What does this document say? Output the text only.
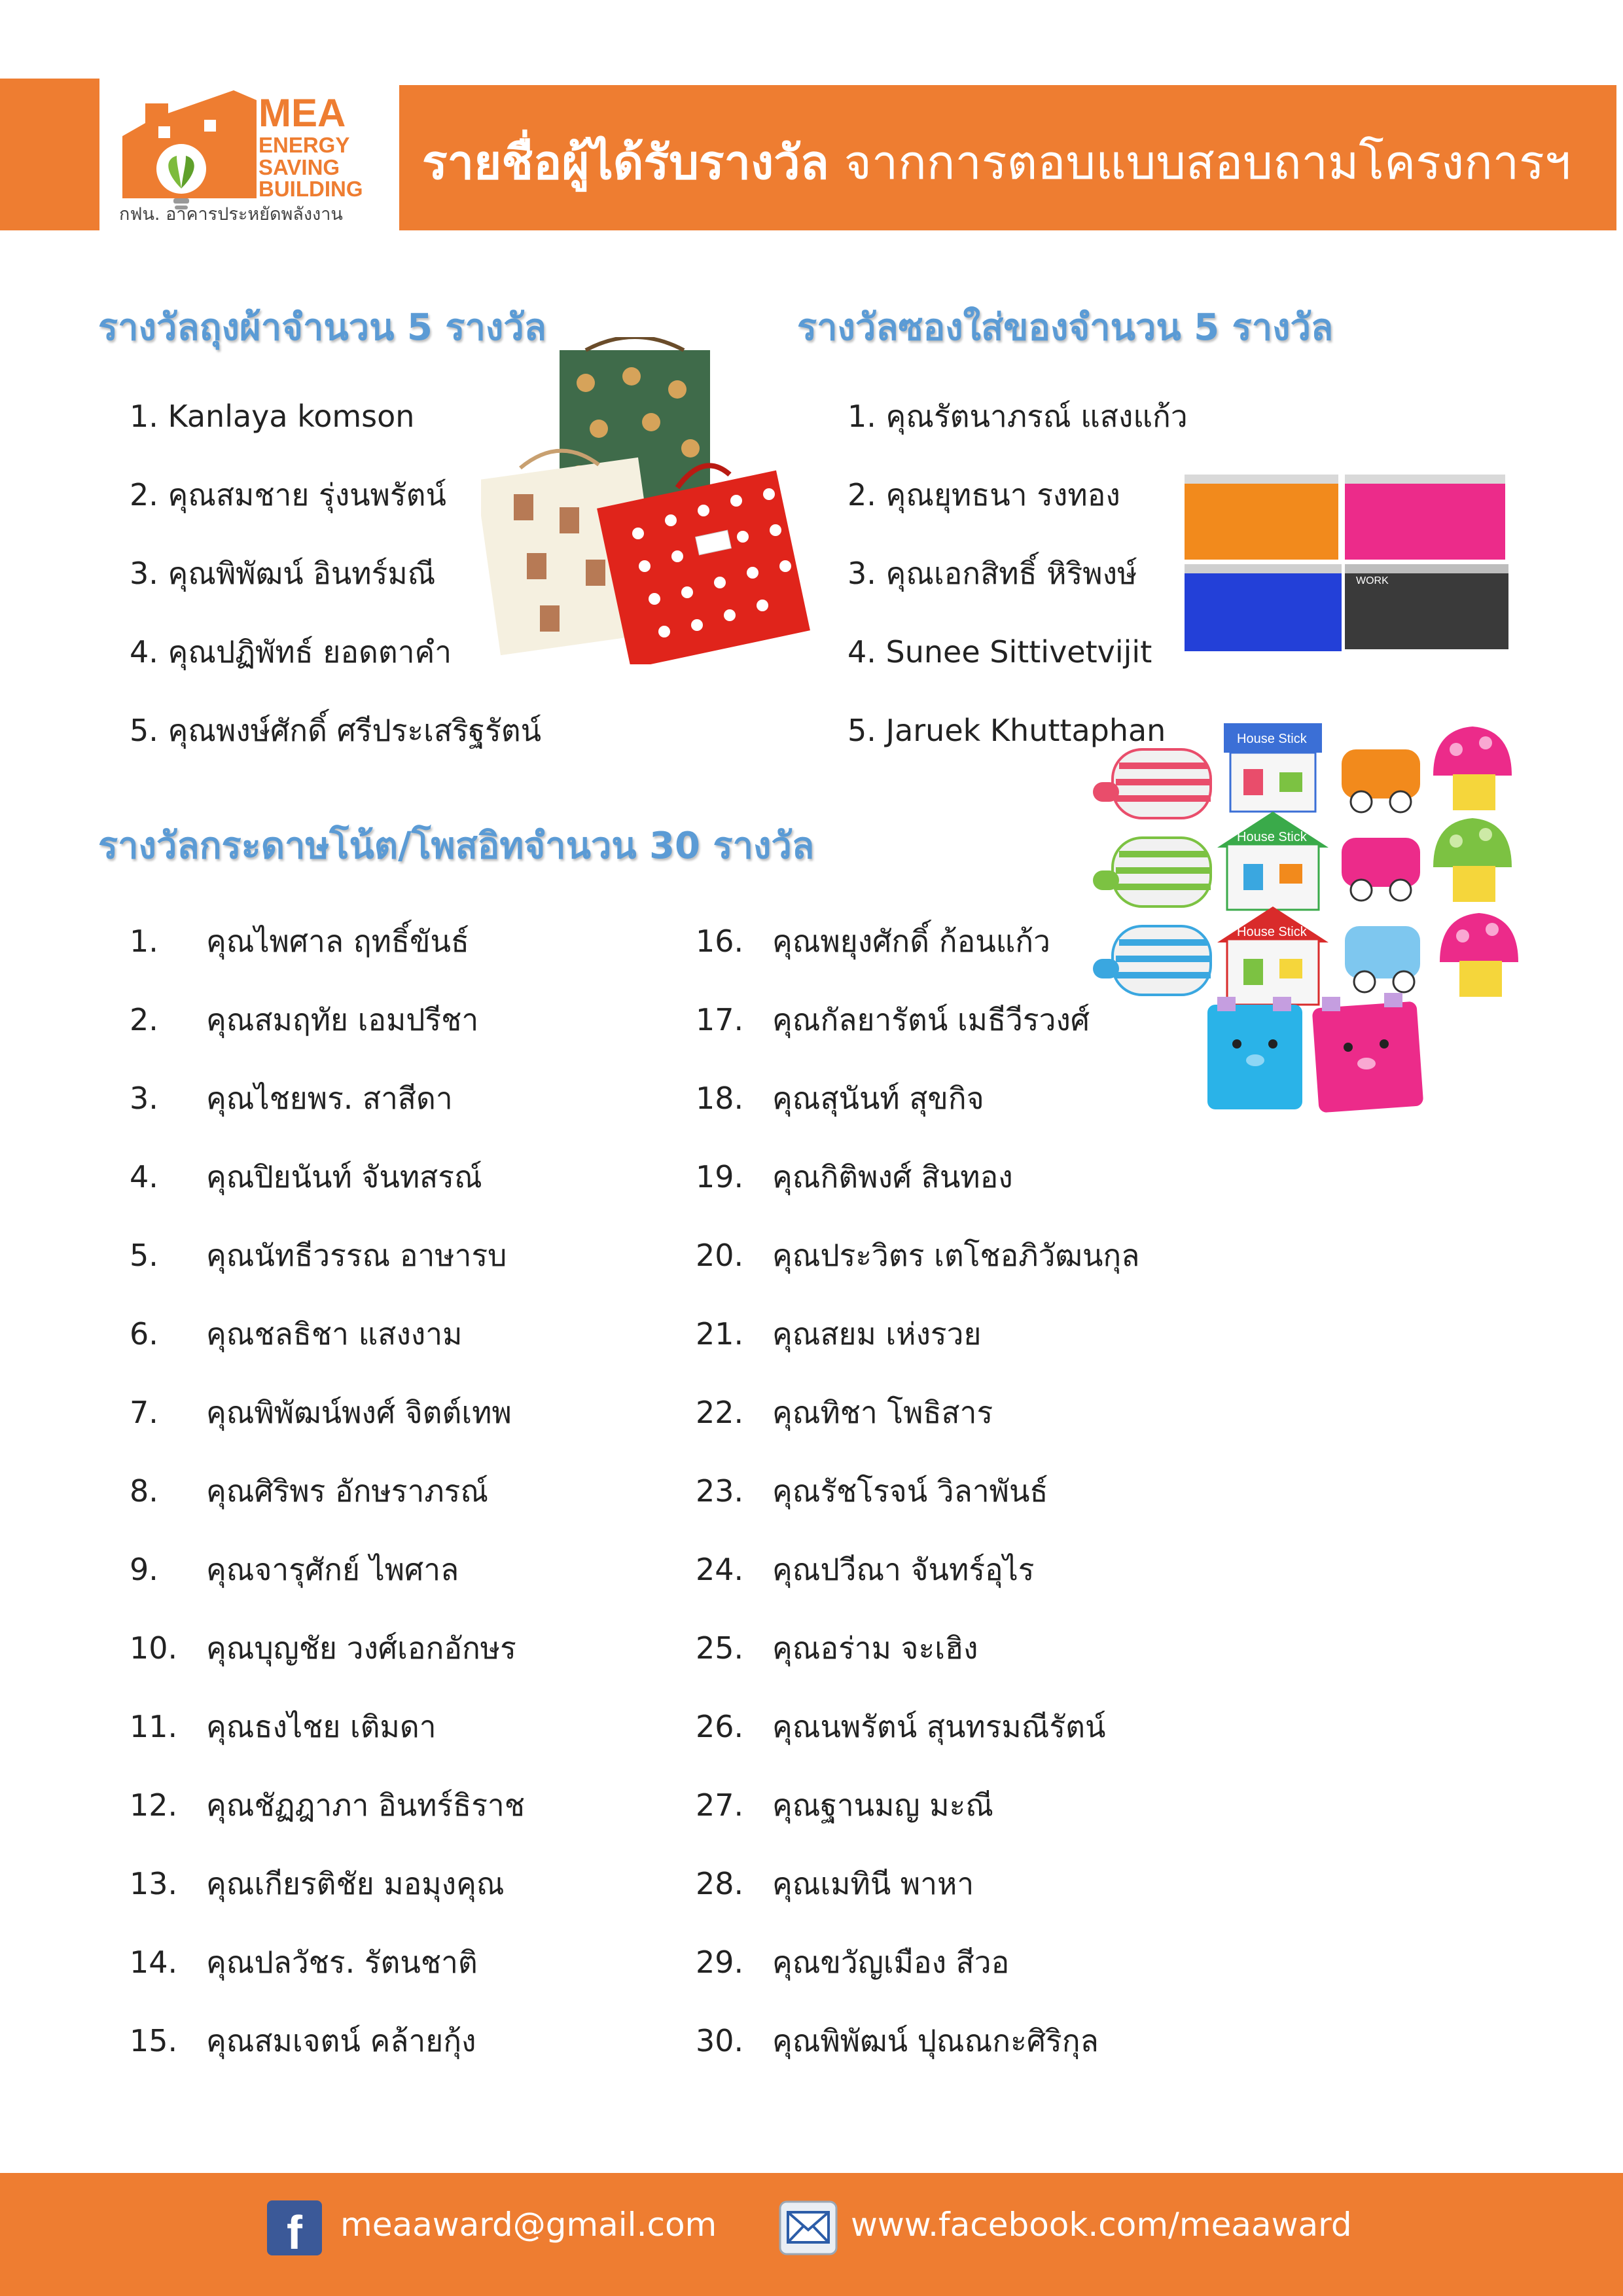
MEA
ENERGY
SAVING
BUILDING
กฟน. อาคารประหยัดพลังงาน
รายชื่อผู้ได้รับรางวัล จากการตอบแบบสอบถามโครงการฯ
รางวัลถุงผ้าจำนวน 5 รางวัล
1. Kanlaya komson
2. คุณสมชาย รุ่งนพรัตน์
3. คุณพิพัฒน์ อินทร์มณี
4. คุณปฏิพัทธ์ ยอดตาคำ
5. คุณพงษ์ศักดิ์ ศรีประเสริฐรัตน์
รางวัลซองใส่ของจำนวน 5 รางวัล
1. คุณรัตนาภรณ์ แสงแก้ว
2. คุณยุทธนา รงทอง
3. คุณเอกสิทธิ์ หิริพงษ์
4. Sunee Sittivetvijit
5. Jaruek Khuttaphan
WORK
House Stick
House Stick
House Stick
รางวัลกระดาษโน้ต/โพสอิทจำนวน 30 รางวัล
1. คุณไพศาล ฤทธิ์ขันธ์
2. คุณสมฤทัย เอมปรีชา
3. คุณไชยพร. สาสีดา
4. คุณปิยนันท์ จันทสรณ์
5. คุณนัทธีวรรณ อาษารบ
6. คุณชลธิชา แสงงาม
7. คุณพิพัฒน์พงศ์ จิตต์เทพ
8. คุณศิริพร อักษราภรณ์
9. คุณจารุศักย์ ไพศาล
10. คุณบุญชัย วงศ์เอกอักษร
11. คุณธงไชย เติมดา
12. คุณชัฏฎาภา อินทร์ธิราช
13. คุณเกียรติชัย มอมุงคุณ
14. คุณปลวัชร. รัตนชาติ
15. คุณสมเจตน์ คล้ายกุ้ง
16. คุณพยุงศักดิ์ ก้อนแก้ว
17. คุณกัลยารัตน์ เมธีวีรวงศ์
18. คุณสุนันท์ สุขกิจ
19. คุณกิติพงศ์ สินทอง
20. คุณประวิตร เตโชอภิวัฒนกุล
21. คุณสยม เห่งรวย
22. คุณทิชา โพธิสาร
23. คุณรัชโรจน์ วิลาพันธ์
24. คุณปวีณา จันทร์อุไร
25. คุณอร่าม จะเฮิง
26. คุณนพรัตน์ สุนทรมณีรัตน์
27. คุณฐานมญ มะณี
28. คุณเมทินี พาหา
29. คุณขวัญเมือง สีวอ
30. คุณพิพัฒน์ ปุณณกะศิริกุล
f	meaaward@gmail.com	www.facebook.com/meaaward
